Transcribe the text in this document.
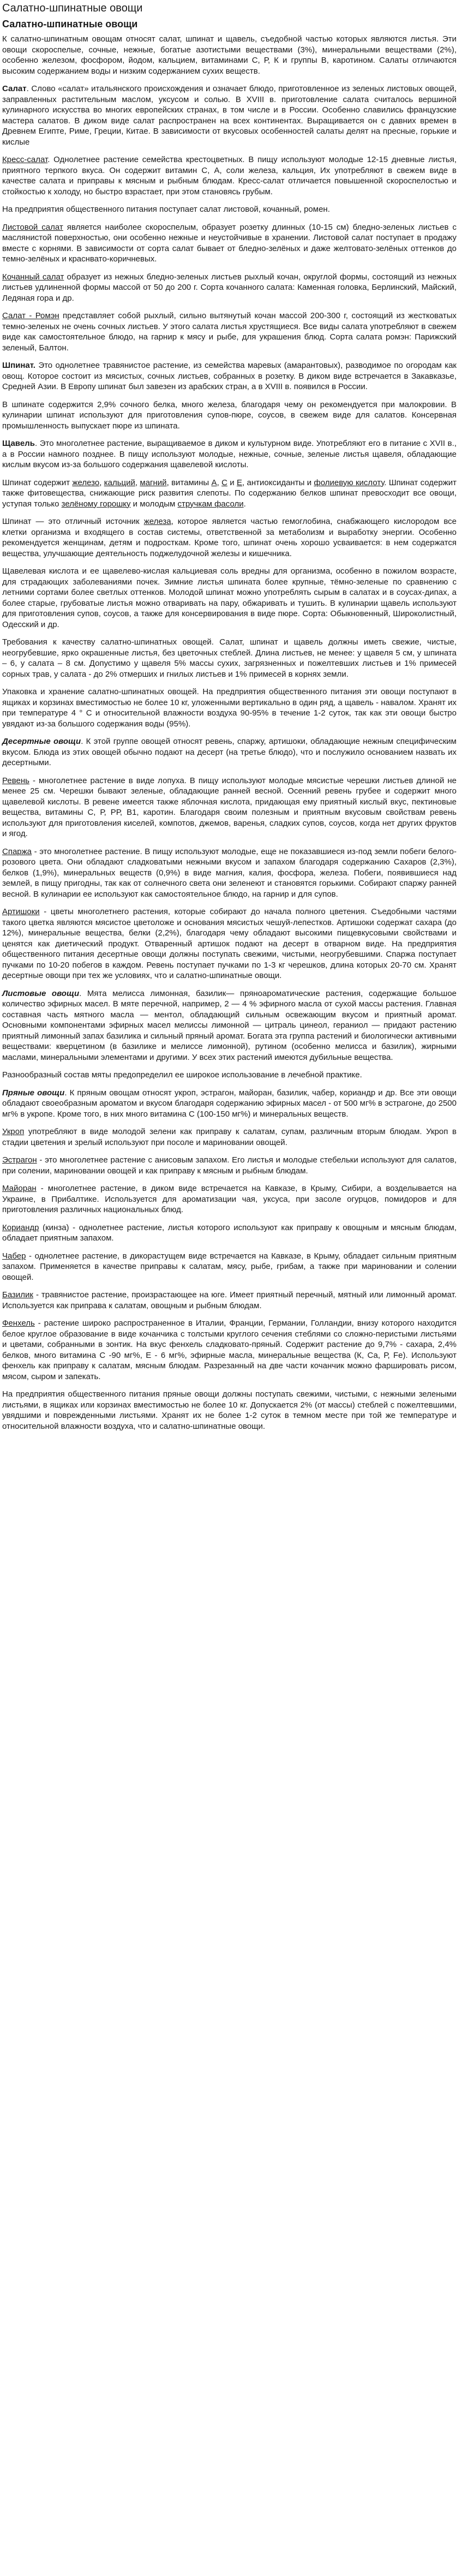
Салатно-шпинатные овощи
Салатно-шпинатные овощи

К салатно-шпинатным овощам относят салат, шпинат и щавель, съедобной частью которых являются листья. Эти овощи скороспелые, сочные, нежные, богатые азотистыми веществами (3%), минеральными веществами (2%), особенно железом, фосфором, йодом, кальцием, витаминами С, Р, К и группы В, каротином. Салаты отличаются высоким содержанием воды и низким содержанием сухих веществ.

Салат. Слово «салат» итальянского происхождения и означает блюдо, приготовленное из зеленых листовых овощей, заправленных растительным маслом, уксусом и солью. В XVIII в. приготовление салата считалось вершиной кулинарного искусства во многих европейских странах, в том числе и в России. Особенно славились французские мастера салатов. В диком виде салат распространен на всех континентах. Выращивается он с давних времен в Древнем Египте, Риме, Греции, Китае. В зависимости от вкусовых особенностей салаты делят на пресные, горькие и кислые

Кресс-салат. Однолетнее растение семейства крестоцветных. В пищу используют молодые 12-15 дневные листья, приятного терпкого вкуса. Он содержит витамин С, А, соли железа, кальция, Их употребляют в свежем виде в качестве салата и приправы к мясным и рыбным блюдам. Кресс-салат отличается повышенной скороспелостью и стойкостью к холоду, но быстро взрастает, при этом становясь грубым.

На предприятия общественного питания поступает салат листовой, кочанный, ромен.

Листовой салат является наиболее скороспелым, образует розетку длинных (10-15 см) бледно-зеленых листьев с маслянистой поверхностью, они особенно нежные и неустойчивые в хранении. Листовой салат поступает в продажу вместе с корнями. В зависимости от сорта салат бывает от бледно-зелёных и даже желтовато-зелёных оттенков до темно-зелёных и краснвато-коричневых.

Кочанный салат образует из нежных бледно-зеленых листьев рыхлый кочан, округлой формы, состоящий из нежных листьев удлиненной формы массой от 50 до 200 г. Сорта кочанного салата: Каменная головка, Берлинский, Майский, Ледяная гора и др.

Салат - Ромэн представляет собой рыхлый, сильно вытянутый кочан массой 200-300 г, состоящий из жестковатых темно-зеленых не очень сочных листьев. У этого салата листья хрустящиеся. Все виды салата употребляют в свежем виде как самостоятельное блюдо, на гарнир к мясу и рыбе, для украшения блюд. Сорта салата ромэн: Парижский зеленый, Балтон.

Шпинат. Это однолетнее травянистое растение, из семейства маревых (амарантовых), разводимое по огородам как овощ. Которое состоит из мясистых, сочных листьев, собранных в розетку. В диком виде встречается в Закавказье, Средней Азии. В Европу шпинат был завезен из арабских стран, а в XVIII в. появился в России.

В шпинате содержится 2,9% сочного белка, много железа, благодаря чему он рекомендуется при малокровии. В кулинарии шпинат используют для приготовления супов-пюре, соусов, в свежем виде для салатов. Консервная промышленность выпускает пюре из шпината.

Щавель. Это многолетнее растение, выращиваемое в диком и культурном виде. Употребляют его в питание с XVII в., а в России намного позднее. В пищу используют молодые, нежные, сочные, зеленые листья щавеля, обладающие кислым вкусом из-за большого содержания щавелевой кислоты.

Шпинат содержит железо, кальций, магний, витамины А, С и Е, антиоксиданты и фолиевую кислоту. Шпинат содержит также фитовещества, снижающие риск развития слепоты. По содержанию белков шпинат превосходит все овощи, уступая только зелёному горошку и молодым стручкам фасоли.

Шпинат — это отличный источник железа, которое является частью гемоглобина, снабжающего кислородом все клетки организма и входящего в состав системы, ответственной за метаболизм и выработку энергии. Особенно рекомендуется женщинам, детям и подросткам. Кроме того, шпинат очень хорошо усваивается: в нем содержатся вещества, улучшающие деятельность поджелудочной железы и кишечника.

Щавелевая кислота и ее щавелево-кислая кальциевая соль вредны для организма, особенно в пожилом возрасте, для страдающих заболеваниями почек. Зимние листья шпината более крупные, тёмно-зеленые по сравнению с летними сортами более светлых оттенков. Молодой шпинат можно употреблять сырым в салатах и в соусах-дипах, а более старые, грубоватые листья можно отваривать на пару, обжаривать и тушить. В кулинарии щавель используют для приготовления супов, соусов, а также для консервирования в виде пюре. Сорта: Обыкновенный, Широколистный, Одесский и др.

Требования к качеству салатно-шпинатных овощей. Салат, шпинат и щавель должны иметь свежие, чистые, неогрубевшие, ярко окрашенные листья, без цветочных стеблей. Длина листьев, не менее: у щавеля 5 см, у шпината – 6, у салата – 8 см. Допустимо у щавеля 5% массы сухих, загрязненных и пожелтевших листьев и 1% примесей сорных трав, у салата - до 2% отмерших и гнилых листьев и 1% примесей в корнях земли.

Упаковка и хранение салатно-шпинатных овощей. На предприятия общественного питания эти овощи поступают в ящиках и корзинах вместимостью не более 10 кг, уложенными вертикально в один ряд, а щавель - навалом. Хранят их при температуре 4 ° С и относительной влажности воздуха 90-95% в течение 1-2 суток, так как эти овощи быстро увядают из-за большого содержания воды (95%).

Десертные овощи. К этой группе овощей относят ревень, спаржу, артишоки, обладающие нежным специфическим вкусом. Блюда из этих овощей обычно подают на десерт (на третье блюдо), что и послужило основанием назвать их десертными.

Ревень - многолетнее растение в виде лопуха. В пищу используют молодые мясистые черешки листьев длиной не менее 25 см. Черешки бывают зеленые, обладающие ранней весной. Осенний ревень грубее и содержит много щавелевой кислоты. В ревене имеется также яблочная кислота, придающая ему приятный кислый вкус, пектиновые вещества, витамины С, Р, РР, В1, каротин. Благодаря своим полезным и приятным вкусовым свойствам ревень используют для приготовления киселей, компотов, джемов, варенья, сладких супов, соусов, когда нет других фруктов и ягод.

Спаржа - это многолетнее растение. В пищу используют молодые, еще не показавшиеся из-под земли побеги белого-розового цвета. Они обладают сладковатыми нежными вкусом и запахом благодаря содержанию Сахаров (2,3%), белков (1,9%), минеральных веществ (0,9%) в виде магния, калия, фосфора, железа. Побеги, появившиеся над землей, в пищу пригодны, так как от солнечного света они зеленеют и становятся горькими. Собирают спаржу ранней весной. В кулинарии ее используют как самостоятельное блюдо, на гарнир и для супов.

Артишоки - цветы многолетнего растения, которые собирают до начала полного цветения. Съедобными частями такого цветка являются мясистое цветоложе и основания мясистых чешуй-лепестков. Артишоки содержат сахара (до 12%), минеральные вещества, белки (2,2%), благодаря чему обладают высокими пищевкусовыми свойствами и ценятся как диетический продукт. Отваренный артишок подают на десерт в отварном виде. На предприятия общественного питания десертные овощи должны поступать свежими, чистыми, неогрубевшими. Спаржа поступает пучками по 10-20 побегов в каждом. Ревень поступает пучками по 1-3 кг черешков, длина которых 20-70 см. Хранят десертные овощи при тех же условиях, что и салатно-шпинатные овощи.

Листовые овощи. Мята мелисса лимонная, базилик— пряноароматические растения, содержащие большое количество эфирных масел. В мяте перечной, например, 2 — 4 % эфирного масла от сухой массы растения. Главная составная часть мятного масла — ментол, обладающий сильным освежающим вкусом и приятный аромат. Основными компонентами эфирных масел мелиссы лимонной — цитраль цинеол, гераниол — придают растению приятный лимонный запах базилика и сильный пряный аромат. Богата эта группа растений и биологически активными веществами: кверцетином (в базилике и мелиссе лимонной), рутином (особенно мелисса и базилик), жирными маслами, минеральными элементами и другими. У всех этих растений имеются дубильные вещества.

Разнообразный состав мяты предопределил ее широкое использование в лечебной практике.

Пряные овощи. К пряным овощам относят укроп, эстрагон, майоран, базилик, чабер, кориандр и др. Все эти овощи обладают своеобразным ароматом и вкусом благодаря содержанию эфирных масел - от 500 мг% в эстрагоне, до 2500 мг% в укропе. Кроме того, в них много витамина С (100-150 мг%) и минеральных веществ.

Укроп употребляют в виде молодой зелени как приправу к салатам, супам, различным вторым блюдам. Укроп в стадии цветения и зрелый используют при посоле и мариновании овощей.

Эстрагон - это многолетнее растение с анисовым запахом. Его листья и молодые стебельки используют для салатов, при солении, мариновании овощей и как приправу к мясным и рыбным блюдам.

Майоран - многолетнее растение, в диком виде встречается на Кавказе, в Крыму, Сибири, а возделывается на Украине, в Прибалтике. Используется для ароматизации чая, уксуса, при засоле огурцов, помидоров и для приготовления различных национальных блюд.

Кориандр (кинза) - однолетнее растение, листья которого используют как приправу к овощным и мясным блюдам, обладает приятным запахом.

Чабер - однолетнее растение, в дикорастущем виде встречается на Кавказе, в Крыму, обладает сильным приятным запахом. Применяется в качестве приправы к салатам, мясу, рыбе, грибам, а также при мариновании и солении овощей.

Базилик - травянистое растение, произрастающее на юге. Имеет приятный перечный, мятный или лимонный аромат. Используется как приправа к салатам, овощным и рыбным блюдам.

Фенхель - растение широко распространенное в Италии, Франции, Германии, Голландии, внизу которого находится белое круглое образование в виде кочанчика с толстыми круглого сечения стеблями со сложно-перистыми листьями и цветами, собранными в зонтик. На вкус фенхель сладковато-пряный. Содержит растение до 9,7% - сахара, 2,4% белков, много витамина С -90 мг%, Е - 6 мг%, эфирные масла, минеральные вещества (К, Са, Р, Fe). Используют фенхель как приправу к салатам, мясным блюдам. Разрезанный на две части кочанчик можно фаршировать рисом, мясом, сыром и запекать.

На предприятия общественного питания пряные овощи должны поступать свежими, чистыми, с нежными зелеными листьями, в ящиках или корзинах вместимостью не более 10 кг. Допускается 2% (от массы) стеблей с пожелтевшими, увядшими и поврежденными листьями. Хранят их не более 1-2 суток в темном месте при той же температуре и относительной влажности воздуха, что и салатно-шпинатные овощи.
